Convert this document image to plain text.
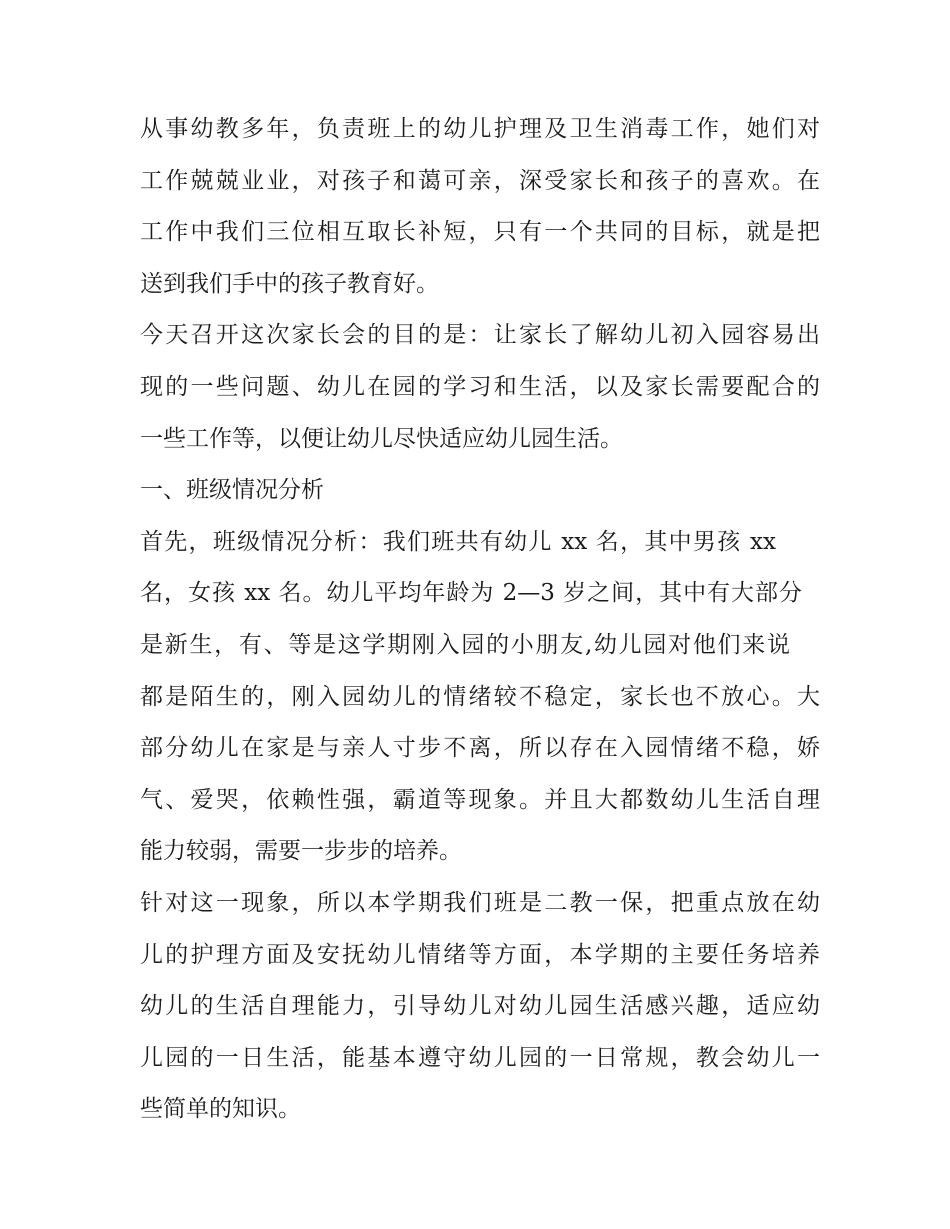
从事幼教多年，负责班上的幼儿护理及卫生消毒工作，她们对
工作兢兢业业，对孩子和蔼可亲，深受家长和孩子的喜欢。在
工作中我们三位相互取长补短，只有一个共同的目标，就是把
送到我们手中的孩子教育好。
今天召开这次家长会的目的是：让家长了解幼儿初入园容易出
现的一些问题、幼儿在园的学习和生活，以及家长需要配合的
一些工作等，以便让幼儿尽快适应幼儿园生活。
一、班级情况分析
首先，班级情况分析：我们班共有幼儿 xx 名，其中男孩 xx
名，女孩 xx 名。幼儿平均年龄为 2—3 岁之间，其中有大部分
是新生，有、等是这学期刚入园的小朋友,幼儿园对他们来说
都是陌生的，刚入园幼儿的情绪较不稳定，家长也不放心。大
部分幼儿在家是与亲人寸步不离，所以存在入园情绪不稳，娇
气、爱哭，依赖性强，霸道等现象。并且大都数幼儿生活自理
能力较弱，需要一步步的培养。
针对这一现象，所以本学期我们班是二教一保，把重点放在幼
儿的护理方面及安抚幼儿情绪等方面，本学期的主要任务培养
幼儿的生活自理能力，引导幼儿对幼儿园生活感兴趣，适应幼
儿园的一日生活，能基本遵守幼儿园的一日常规，教会幼儿一
些简单的知识。
